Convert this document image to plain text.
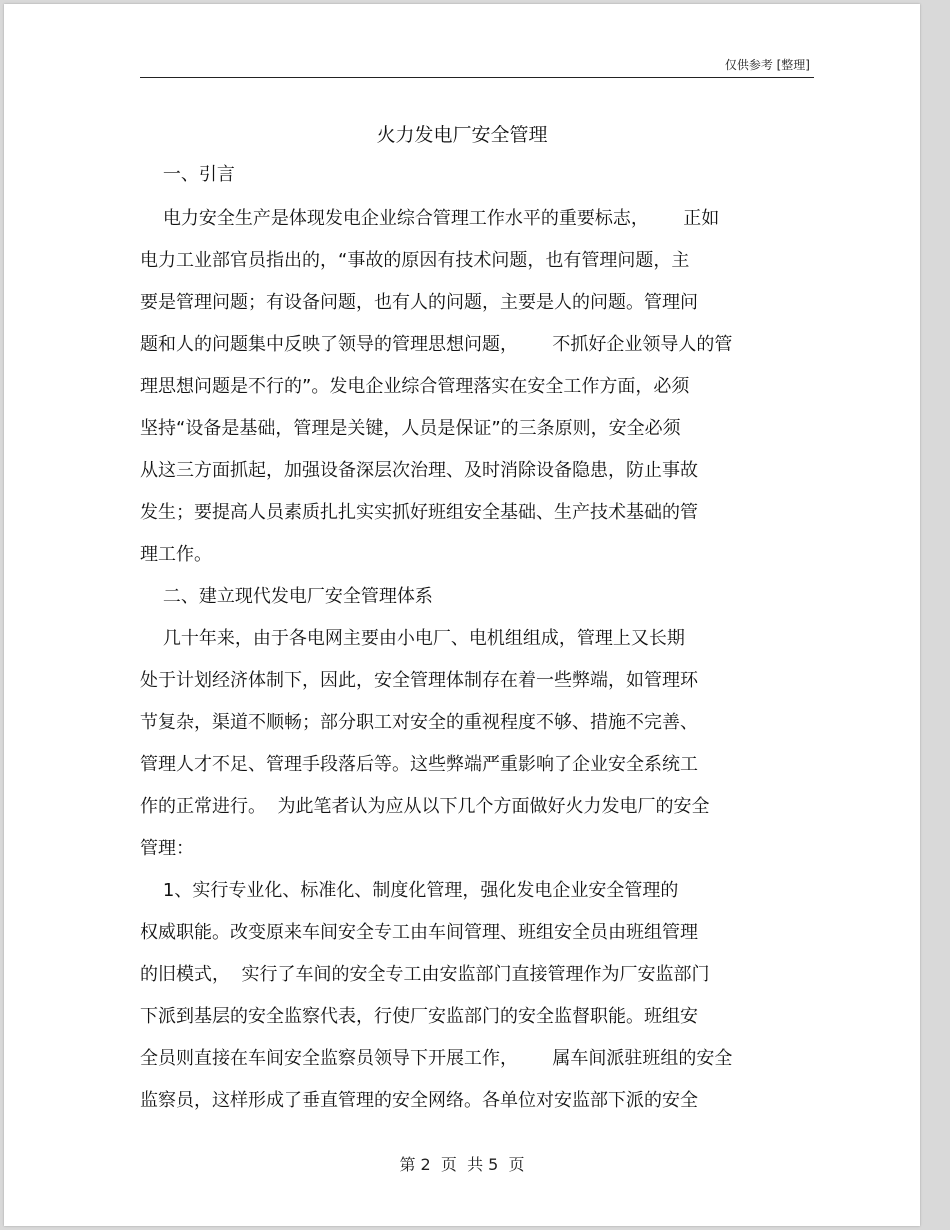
仅供参考 [整理]
火力发电厂安全管理
一、引言
电力安全生产是体现发电企业综合管理工作水平的重要标志，      正如
电力工业部官员指出的，“事故的原因有技术问题，也有管理问题，主
要是管理问题；有设备问题，也有人的问题，主要是人的问题。管理问
题和人的问题集中反映了领导的管理思想问题，      不抓好企业领导人的管
理思想问题是不行的”。发电企业综合管理落实在安全工作方面，必须
坚持“设备是基础，管理是关键，人员是保证”的三条原则，安全必须
从这三方面抓起，加强设备深层次治理、及时消除设备隐患，防止事故
发生；要提高人员素质扎扎实实抓好班组安全基础、生产技术基础的管
理工作。
二、建立现代发电厂安全管理体系
几十年来，由于各电网主要由小电厂、电机组组成，管理上又长期
处于计划经济体制下，因此，安全管理体制存在着一些弊端，如管理环
节复杂，渠道不顺畅；部分职工对安全的重视程度不够、措施不完善、
管理人才不足、管理手段落后等。这些弊端严重影响了企业安全系统工
作的正常进行。  为此笔者认为应从以下几个方面做好火力发电厂的安全
管理：
1、实行专业化、标准化、制度化管理，强化发电企业安全管理的
权威职能。改变原来车间安全专工由车间管理、班组安全员由班组管理
的旧模式，  实行了车间的安全专工由安监部门直接管理作为厂安监部门
下派到基层的安全监察代表，行使厂安监部门的安全监督职能。班组安
全员则直接在车间安全监察员领导下开展工作，      属车间派驻班组的安全
监察员，这样形成了垂直管理的安全网络。各单位对安监部下派的安全
第 2  页  共 5  页
